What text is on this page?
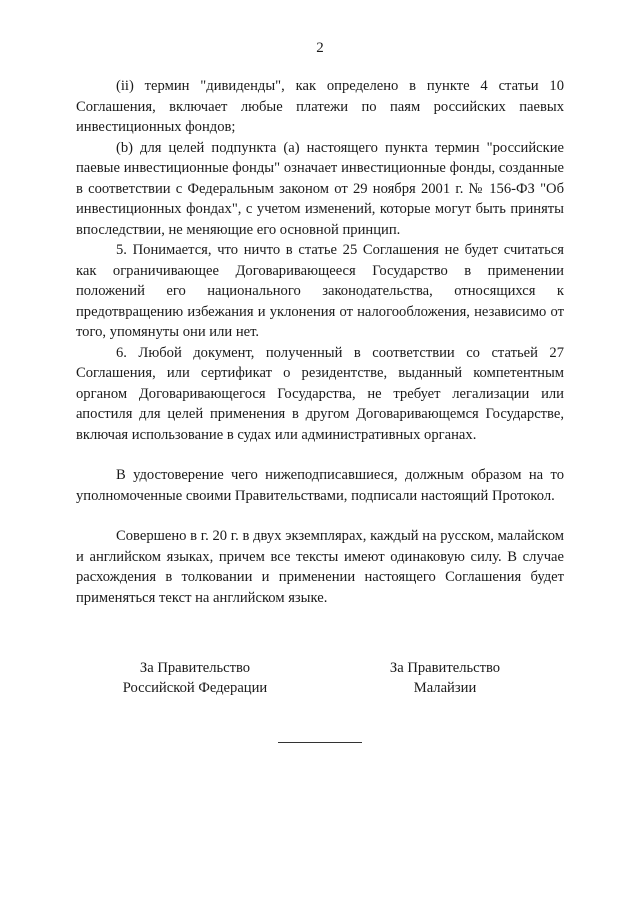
2

(ii) термин "дивиденды", как определено в пункте 4 статьи 10 Соглашения, включает любые платежи по паям российских паевых инвестиционных фондов;

(b) для целей подпункта (а) настоящего пункта термин "российские паевые инвестиционные фонды" означает инвестиционные фонды, созданные в соответствии с Федеральным законом от 29 ноября 2001 г. № 156-ФЗ "Об инвестиционных фондах", с учетом изменений, которые могут быть приняты впоследствии, не меняющие его основной принцип.

5. Понимается, что ничто в статье 25 Соглашения не будет считаться как ограничивающее Договаривающееся Государство в применении положений его национального законодательства, относящихся к предотвращению избежания и уклонения от налогообложения, независимо от того, упомянуты они или нет.

6. Любой документ, полученный в соответствии со статьей 27 Соглашения, или сертификат о резидентстве, выданный компетентным органом Договаривающегося Государства, не требует легализации или апостиля для целей применения в другом Договаривающемся Государстве, включая использование в судах или административных органах.

В удостоверение чего нижеподписавшиеся, должным образом на то уполномоченные своими Правительствами, подписали настоящий Протокол.

Совершено в г. 20 г. в двух экземплярах, каждый на русском, малайском и английском языках, причем все тексты имеют одинаковую силу. В случае расхождения в толковании и применении настоящего Соглашения будет применяться текст на английском языке.

За Правительство
Российской Федерации
За Правительство
Малайзии
